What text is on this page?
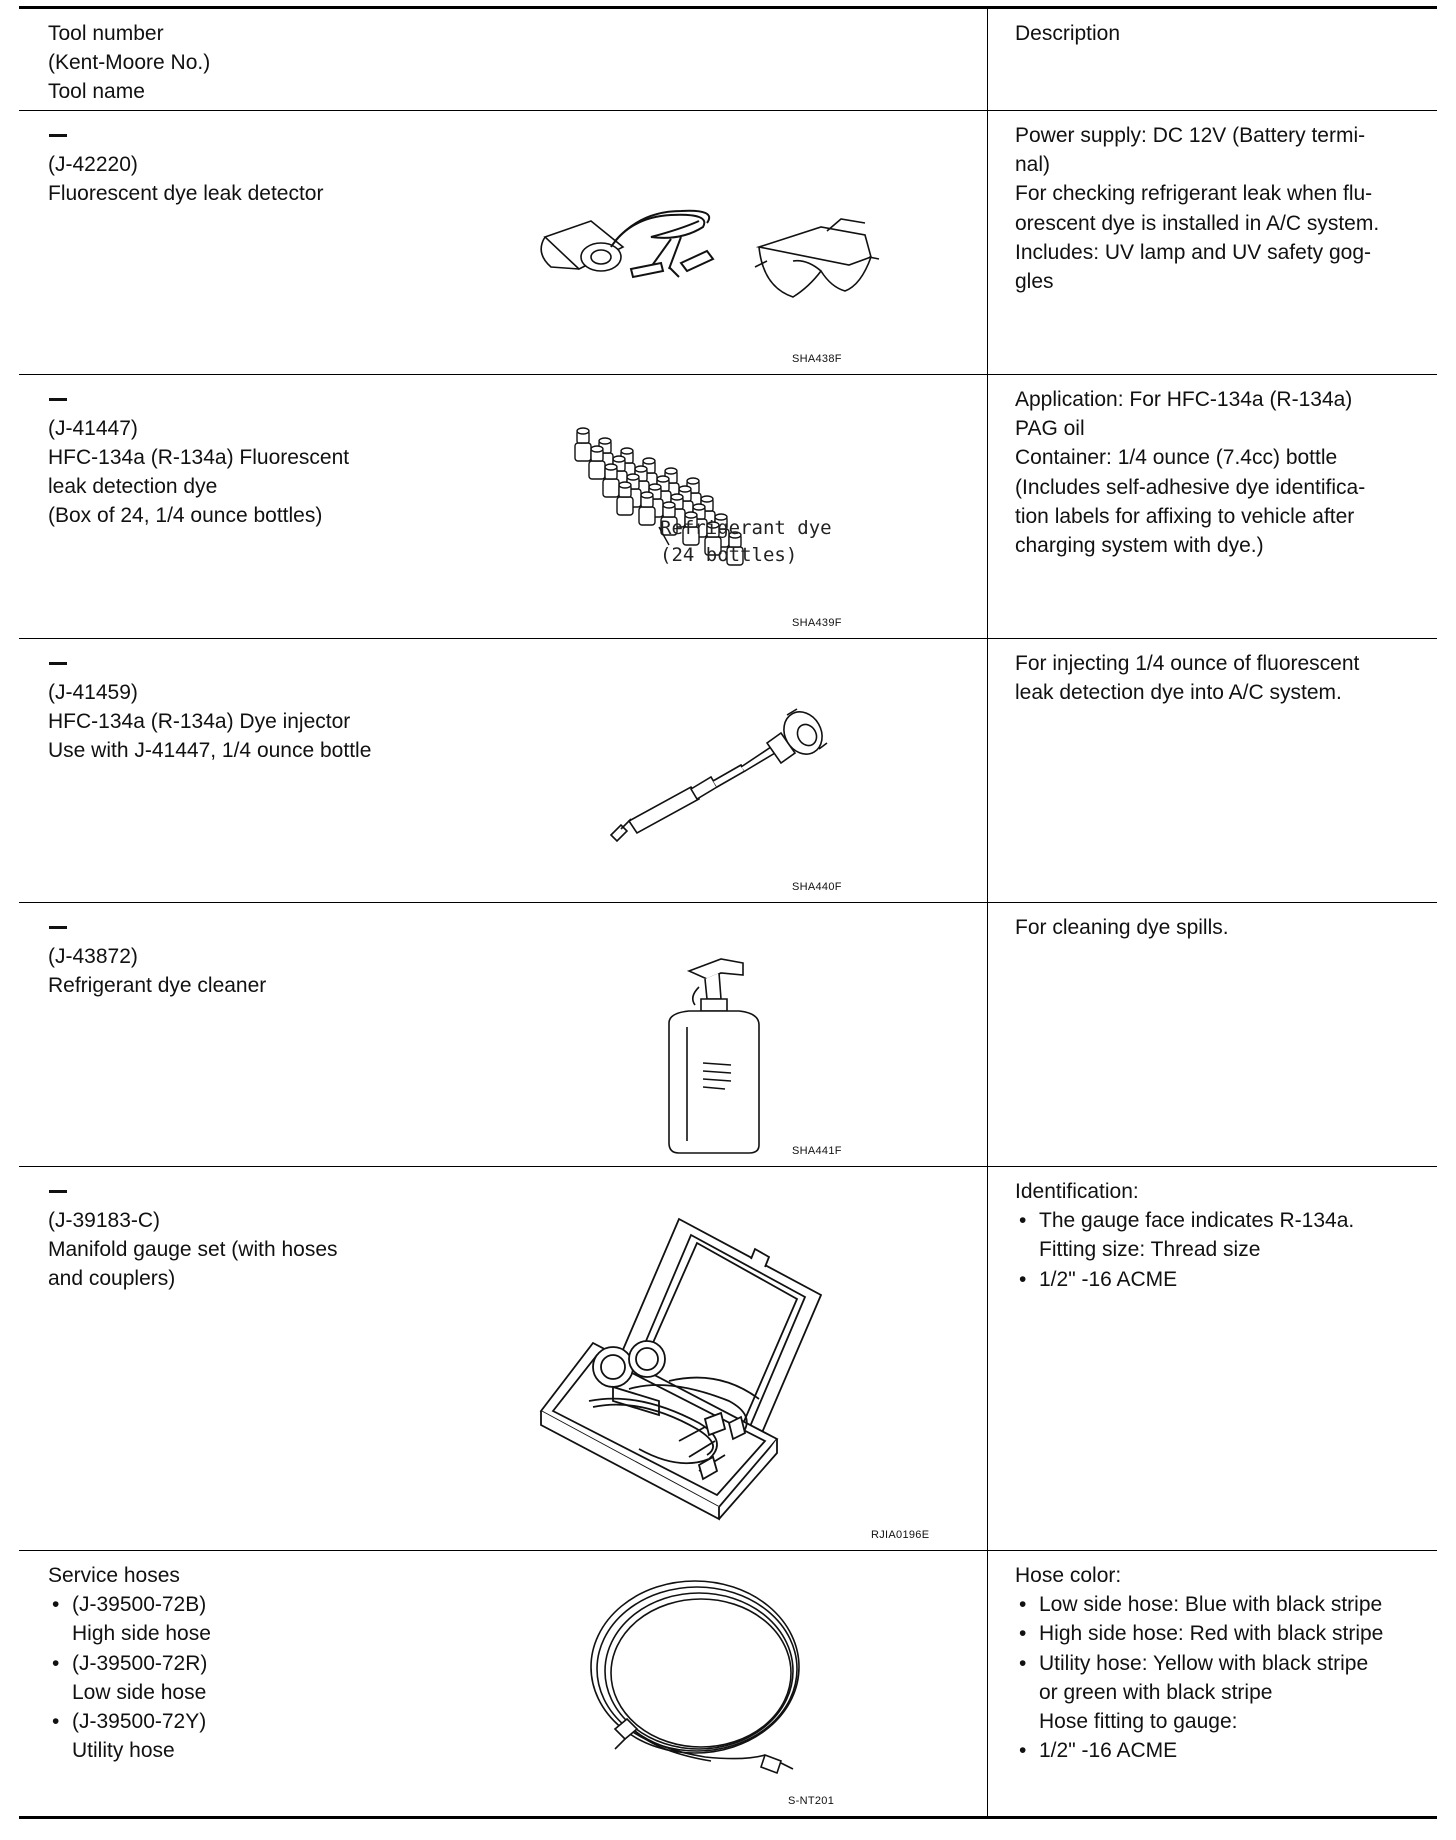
Tool number
(Kent-Moore No.)
Tool name
Description
(J-42220)
Fluorescent dye leak detector
SHA438F
Power supply: DC 12V (Battery termi-
nal)
For checking refrigerant leak when flu-
orescent dye is installed in A/C system.
Includes: UV lamp and UV safety gog-
gles
(J-41447)
HFC-134a (R-134a) Fluorescent
leak detection dye
(Box of 24, 1/4 ounce bottles)
Refrigerant dye
(24 bottles)
SHA439F
Application: For HFC-134a (R-134a)
PAG oil
Container: 1/4 ounce (7.4cc) bottle
(Includes self-adhesive dye identifica-
tion labels for affixing to vehicle after
charging system with dye.)
(J-41459)
HFC-134a (R-134a) Dye injector
Use with J-41447, 1/4 ounce bottle
SHA440F
For injecting 1/4 ounce of fluorescent
leak detection dye into A/C system.
(J-43872)
Refrigerant dye cleaner
SHA441F
For cleaning dye spills.
(J-39183-C)
Manifold gauge set (with hoses
and couplers)
RJIA0196E
Identification:
• The gauge face indicates R-134a.
Fitting size: Thread size
• 1/2" -16 ACME
Service hoses
• (J-39500-72B)
High side hose
• (J-39500-72R)
Low side hose
• (J-39500-72Y)
Utility hose
S-NT201
Hose color:
• Low side hose: Blue with black stripe
• High side hose: Red with black stripe
• Utility hose: Yellow with black stripe
or green with black stripe
Hose fitting to gauge:
• 1/2" -16 ACME
